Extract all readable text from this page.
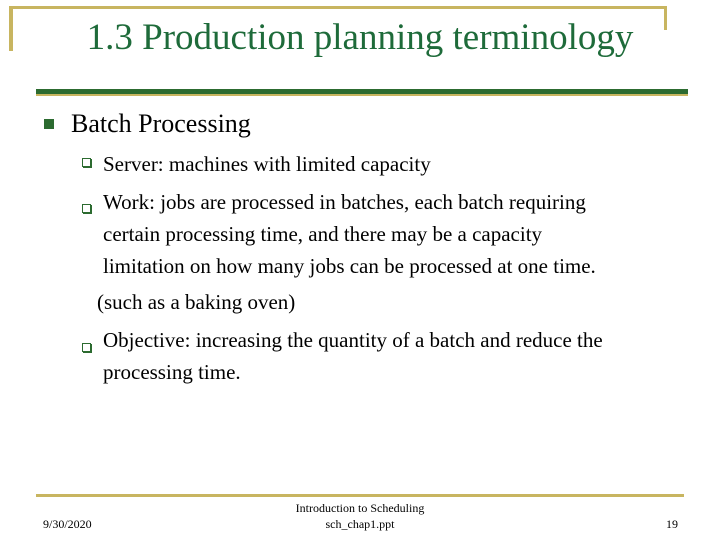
1.3 Production planning terminology
Batch Processing
Server: machines with limited capacity
Work: jobs are processed in batches, each batch requiring
certain processing time, and there may be a capacity
limitation on how many jobs can be processed at one time.
(such as a baking oven)
Objective: increasing the quantity of a batch and reduce the
processing time.
9/30/2020
Introduction to Scheduling
sch_chap1.ppt	19
